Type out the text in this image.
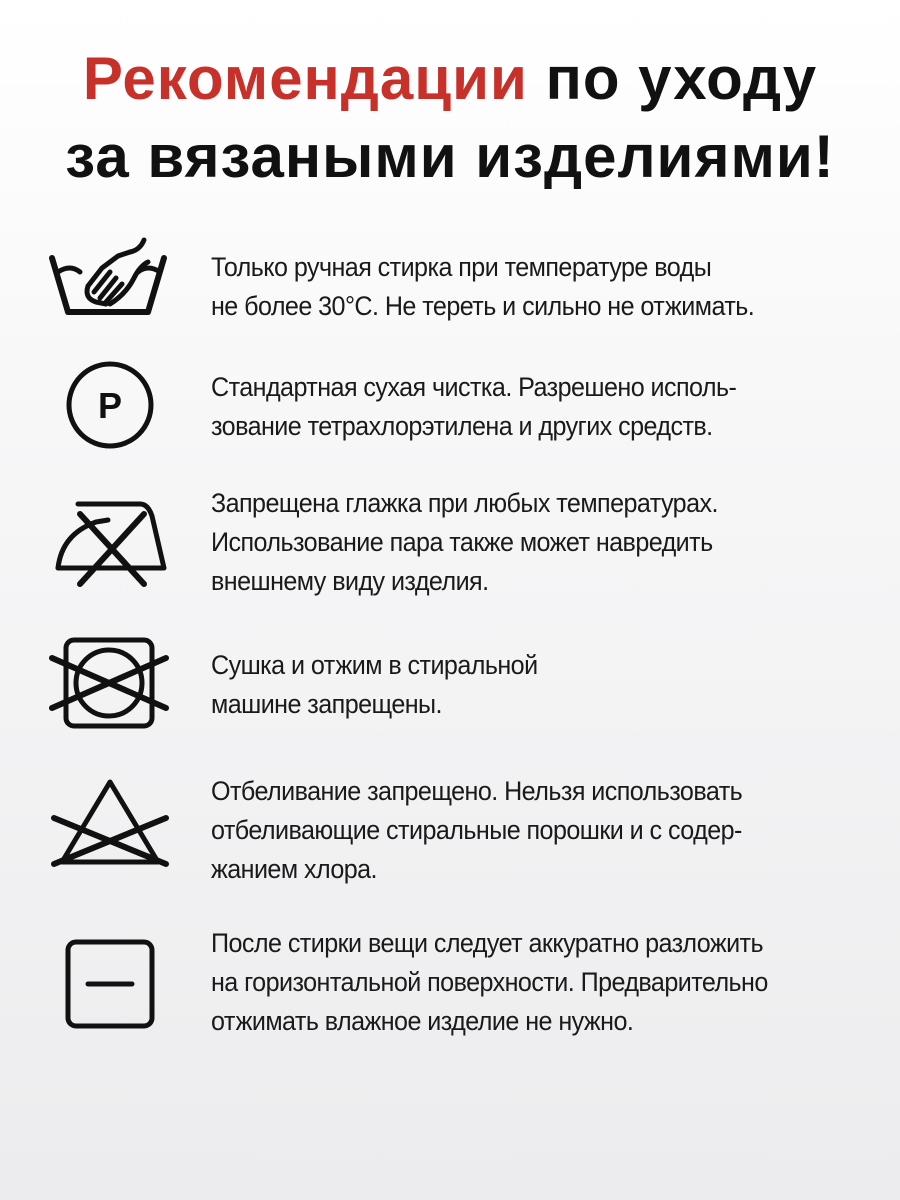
Рекомендации по уходу
за вязаными изделиями!
Только ручная стирка при температуре воды
не более 30°С. Не тереть и сильно не отжимать.
P	Стандартная сухая чистка. Разрешено исполь-
зование тетрахлорэтилена и других средств.
Запрещена глажка при любых температурах.
Использование пара также может навредить
внешнему виду изделия.
Сушка и отжим в стиральной
машине запрещены.
Отбеливание запрещено. Нельзя использовать
отбеливающие стиральные порошки и с содер-
жанием хлора.
После стирки вещи следует аккуратно разложить
на горизонтальной поверхности. Предварительно
отжимать влажное изделие не нужно.
